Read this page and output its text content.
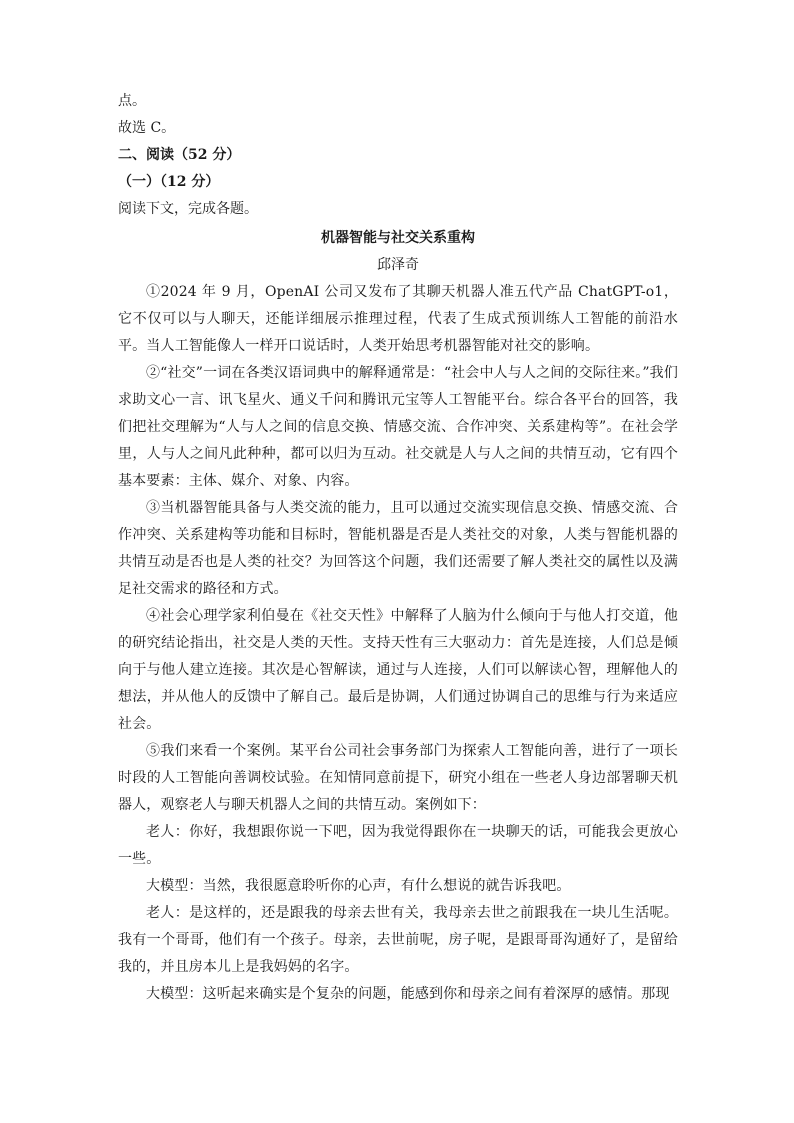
点。

故选 C。

二、阅读（52 分）

（一）（12 分）

阅读下文，完成各题。

机器智能与社交关系重构

邱泽奇

①2024 年 9 月，OpenAI 公司又发布了其聊天机器人准五代产品 ChatGPT-o1，它不仅可以与人聊天，还能详细展示推理过程，代表了生成式预训练人工智能的前沿水平。当人工智能像人一样开口说话时，人类开始思考机器智能对社交的影响。

②“社交”一词在各类汉语词典中的解释通常是：“社会中人与人之间的交际往来。”我们求助文心一言、讯飞星火、通义千问和腾讯元宝等人工智能平台。综合各平台的回答，我们把社交理解为“人与人之间的信息交换、情感交流、合作冲突、关系建构等”。在社会学里，人与人之间凡此种种，都可以归为互动。社交就是人与人之间的共情互动，它有四个基本要素：主体、媒介、对象、内容。

③当机器智能具备与人类交流的能力，且可以通过交流实现信息交换、情感交流、合作冲突、关系建构等功能和目标时，智能机器是否是人类社交的对象，人类与智能机器的共情互动是否也是人类的社交？为回答这个问题，我们还需要了解人类社交的属性以及满足社交需求的路径和方式。

④社会心理学家利伯曼在《社交天性》中解释了人脑为什么倾向于与他人打交道，他的研究结论指出，社交是人类的天性。支持天性有三大驱动力：首先是连接，人们总是倾向于与他人建立连接。其次是心智解读，通过与人连接，人们可以解读心智，理解他人的想法，并从他人的反馈中了解自己。最后是协调，人们通过协调自己的思维与行为来适应社会。

⑤我们来看一个案例。某平台公司社会事务部门为探索人工智能向善，进行了一项长时段的人工智能向善调校试验。在知情同意前提下，研究小组在一些老人身边部署聊天机器人，观察老人与聊天机器人之间的共情互动。案例如下：

老人：你好，我想跟你说一下吧，因为我觉得跟你在一块聊天的话，可能我会更放心一些。

大模型：当然，我很愿意聆听你的心声，有什么想说的就告诉我吧。

老人：是这样的，还是跟我的母亲去世有关，我母亲去世之前跟我在一块儿生活呢。我有一个哥哥，他们有一个孩子。母亲，去世前呢，房子呢，是跟哥哥沟通好了，是留给我的，并且房本儿上是我妈妈的名字。

大模型：这听起来确实是个复杂的问题，能感到你和母亲之间有着深厚的感情。那现
